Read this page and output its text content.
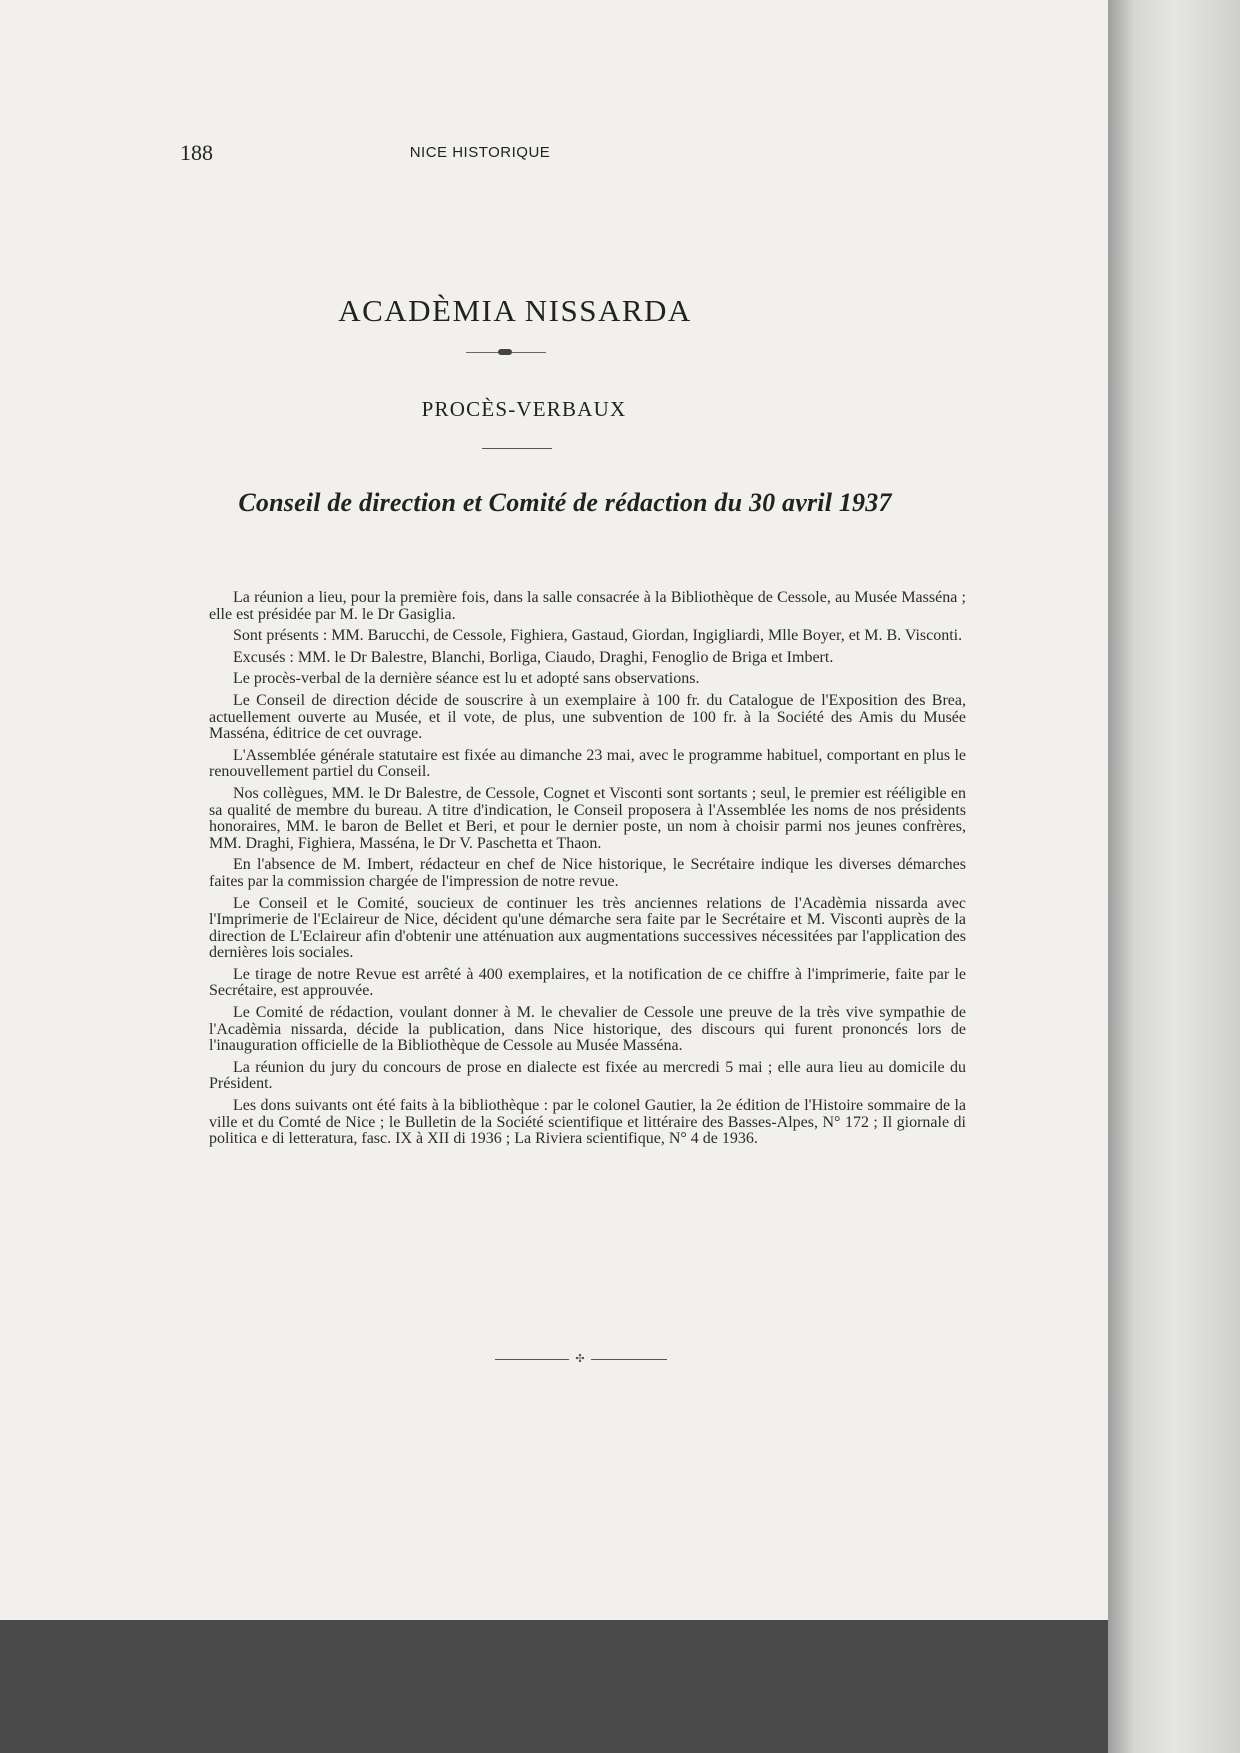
188	NICE HISTORIQUE
ACADÈMIA NISSARDA
PROCÈS-VERBAUX
Conseil de direction et Comité de rédaction du 30 avril 1937

La réunion a lieu, pour la première fois, dans la salle consacrée à la Bibliothèque de Cessole, au Musée Masséna ; elle est présidée par M. le Dr Gasiglia.

Sont présents : MM. Barucchi, de Cessole, Fighiera, Gastaud, Giordan, Ingigliardi, Mlle Boyer, et M. B. Visconti.

Excusés : MM. le Dr Balestre, Blanchi, Borliga, Ciaudo, Draghi, Fenoglio de Briga et Imbert.

Le procès-verbal de la dernière séance est lu et adopté sans observations.

Le Conseil de direction décide de souscrire à un exemplaire à 100 fr. du Catalogue de l'Exposition des Brea, actuellement ouverte au Musée, et il vote, de plus, une subvention de 100 fr. à la Société des Amis du Musée Masséna, éditrice de cet ouvrage.

L'Assemblée générale statutaire est fixée au dimanche 23 mai, avec le programme habituel, comportant en plus le renouvellement partiel du Conseil.

Nos collègues, MM. le Dr Balestre, de Cessole, Cognet et Visconti sont sortants ; seul, le premier est rééligible en sa qualité de membre du bureau. A titre d'indication, le Conseil proposera à l'Assemblée les noms de nos présidents honoraires, MM. le baron de Bellet et Beri, et pour le dernier poste, un nom à choisir parmi nos jeunes confrères, MM. Draghi, Fighiera, Masséna, le Dr V. Paschetta et Thaon.

En l'absence de M. Imbert, rédacteur en chef de Nice historique, le Secrétaire indique les diverses démarches faites par la commission chargée de l'impression de notre revue.

Le Conseil et le Comité, soucieux de continuer les très anciennes relations de l'Acadèmia nissarda avec l'Imprimerie de l'Eclaireur de Nice, décident qu'une démarche sera faite par le Secrétaire et M. Visconti auprès de la direction de L'Eclaireur afin d'obtenir une atténuation aux augmentations successives nécessitées par l'application des dernières lois sociales.

Le tirage de notre Revue est arrêté à 400 exemplaires, et la notification de ce chiffre à l'imprimerie, faite par le Secrétaire, est approuvée.

Le Comité de rédaction, voulant donner à M. le chevalier de Cessole une preuve de la très vive sympathie de l'Acadèmia nissarda, décide la publication, dans Nice historique, des discours qui furent prononcés lors de l'inauguration officielle de la Bibliothèque de Cessole au Musée Masséna.

La réunion du jury du concours de prose en dialecte est fixée au mercredi 5 mai ; elle aura lieu au domicile du Président.

Les dons suivants ont été faits à la bibliothèque : par le colonel Gautier, la 2e édition de l'Histoire sommaire de la ville et du Comté de Nice ; le Bulletin de la Société scientifique et littéraire des Basses-Alpes, N° 172 ; Il giornale di politica e di letteratura, fasc. IX à XII di 1936 ; La Riviera scientifique, N° 4 de 1936.

✣
